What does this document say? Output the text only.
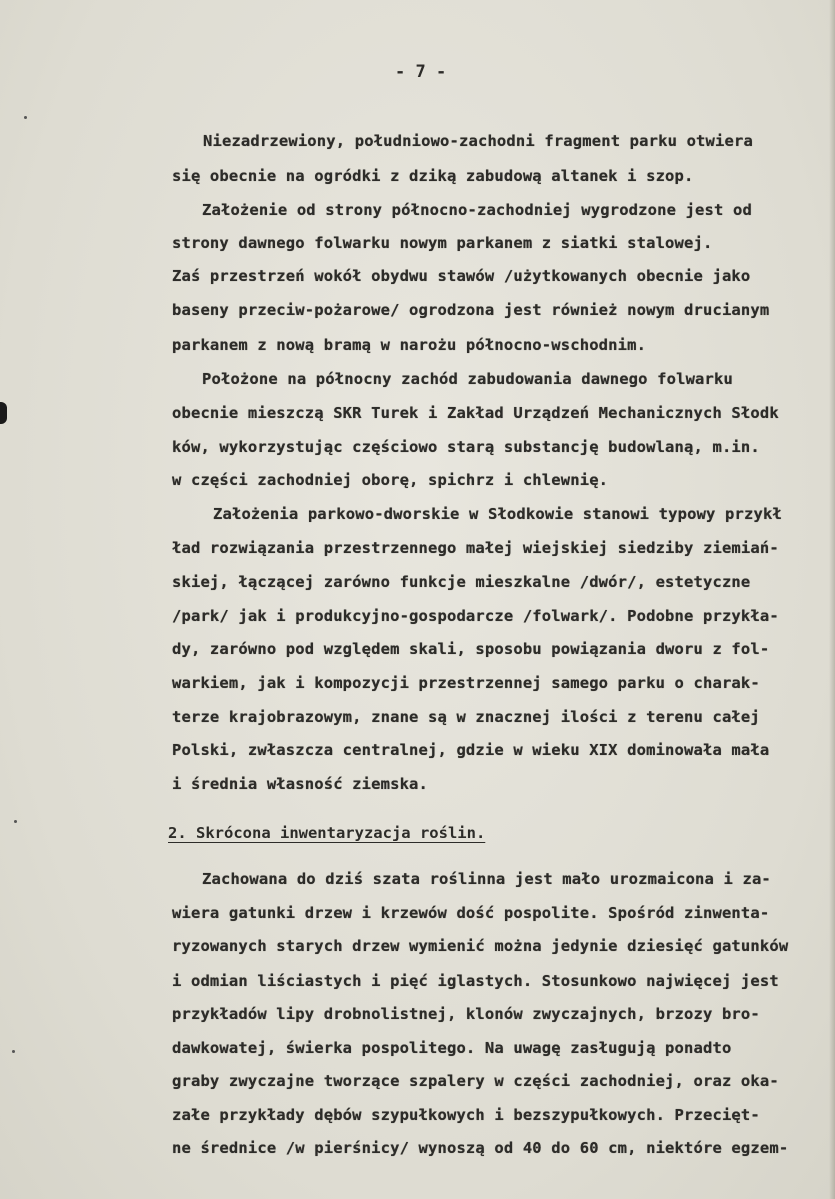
- 7 -
Niezadrzewiony, południowo-zachodni fragment parku otwiera
się obecnie na ogródki z dziką zabudową altanek i szop.
Założenie od strony północno-zachodniej wygrodzone jest od
strony dawnego folwarku nowym parkanem z siatki stalowej.
Zaś przestrzeń wokół obydwu stawów /użytkowanych obecnie jako
baseny przeciw-pożarowe/ ogrodzona jest również nowym drucianym
parkanem z nową bramą w narożu północno-wschodnim.
Położone na północny zachód zabudowania dawnego folwarku
obecnie mieszczą SKR Turek i Zakład Urządzeń Mechanicznych Słodk
ków, wykorzystując częściowo starą substancję budowlaną, m.in.
w części zachodniej oborę, spichrz i chlewnię.
Założenia parkowo-dworskie w Słodkowie stanowi typowy przykł
ład rozwiązania przestrzennego małej wiejskiej siedziby ziemiań-
skiej, łączącej zarówno funkcje mieszkalne /dwór/, estetyczne
/park/ jak i produkcyjno-gospodarcze /folwark/. Podobne przykła-
dy, zarówno pod względem skali, sposobu powiązania dworu z fol-
warkiem, jak i kompozycji przestrzennej samego parku o charak-
terze krajobrazowym, znane są w znacznej ilości z terenu całej
Polski, zwłaszcza centralnej, gdzie w wieku XIX dominowała mała
i średnia własność ziemska.
Zachowana do dziś szata roślinna jest mało urozmaicona i za-
wiera gatunki drzew i krzewów dość pospolite. Spośród zinwenta-
ryzowanych starych drzew wymienić można jedynie dziesięć gatunków
i odmian liściastych i pięć iglastych. Stosunkowo najwięcej jest
przykładów lipy drobnolistnej, klonów zwyczajnych, brzozy bro-
dawkowatej, świerka pospolitego. Na uwagę zasługują ponadto
graby zwyczajne tworzące szpalery w części zachodniej, oraz oka-
załe przykłady dębów szypułkowych i bezszypułkowych. Przecięt-
ne średnice /w pierśnicy/ wynoszą od 40 do 60 cm, niektóre egzem-
2. Skrócona inwentaryzacja roślin.
